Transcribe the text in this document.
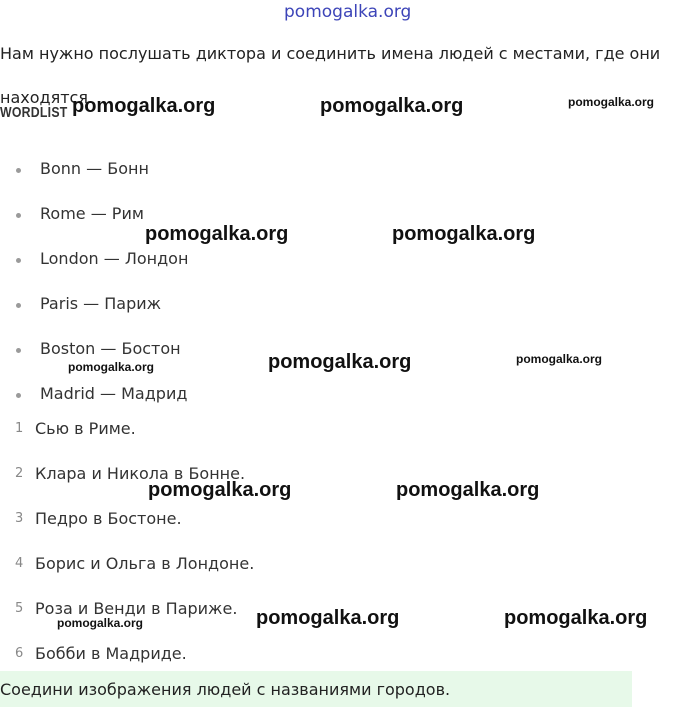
pomogalka.org
Нам нужно послушать диктора и соединить имена людей с местами, где они находятся.
WORDLIST
Bonn — Бонн
Rome — Рим
London — Лондон
Paris — Париж
Boston — Бостон
Madrid — Мадрид
1 Сью в Риме.
2 Клара и Никола в Бонне.
3 Педро в Бостоне.
4 Борис и Ольга в Лондоне.
5 Роза и Венди в Париже.
6 Бобби в Мадриде.
Соедини изображения людей с названиями городов.
pomogalka.org	pomogalka.org	pomogalka.org
pomogalka.org	pomogalka.org
pomogalka.org	pomogalka.org
pomogalka.org
pomogalka.org	pomogalka.org
pomogalka.org	pomogalka.org
pomogalka.org
